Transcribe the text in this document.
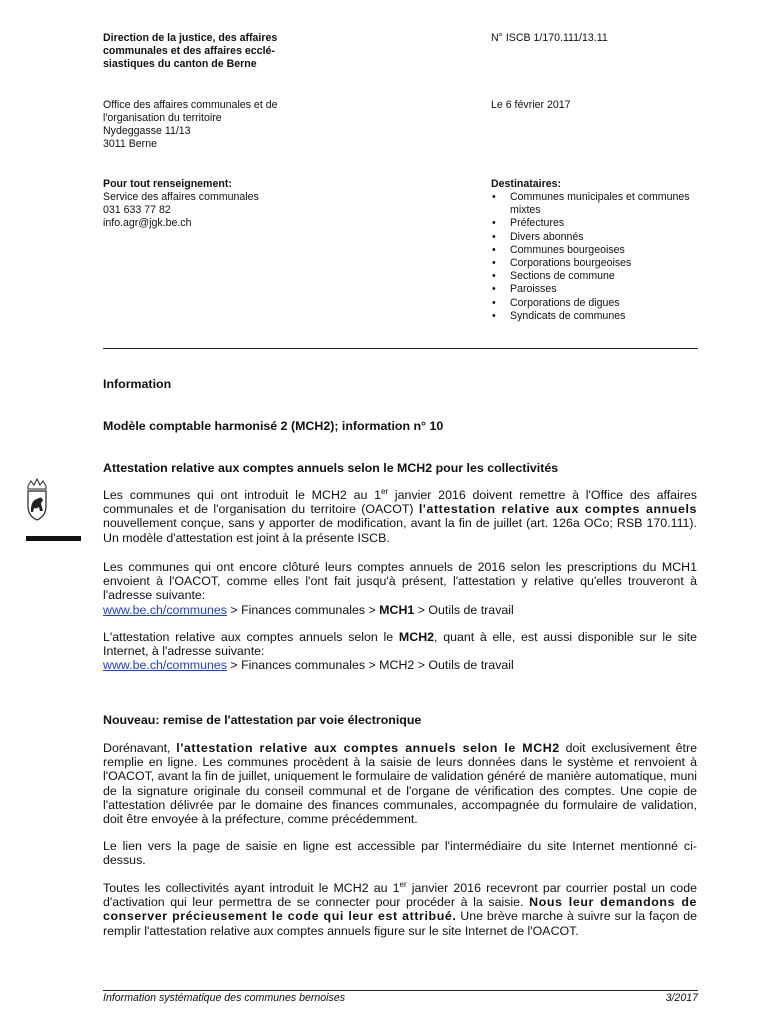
Direction de la justice, des affaires
communales et des affaires ecclé-
siastiques du canton de Berne
N° ISCB 1/170.111/13.11
Office des affaires communales et de
l'organisation du territoire
Nydeggasse 11/13
3011 Berne
Le 6 février 2017
Pour tout renseignement:
Service des affaires communales
031 633 77 82
info.agr@jgk.be.ch
Destinataires:
• Communes municipales et communes
mixtes
• Préfectures
• Divers abonnés
• Communes bourgeoises
• Corporations bourgeoises
• Sections de commune
• Paroisses
• Corporations de digues
• Syndicats de communes
Information
Modèle comptable harmonisé 2 (MCH2); information n° 10
Attestation relative aux comptes annuels selon le MCH2 pour les collectivités

Les communes qui ont introduit le MCH2 au 1er janvier 2016 doivent remettre à l'Office des affaires communales et de l'organisation du territoire (OACOT) l'attestation relative aux comptes annuels nouvellement conçue, sans y apporter de modification, avant la fin de juillet (art. 126a OCo; RSB 170.111). Un modèle d'attestation est joint à la présente ISCB.

Les communes qui ont encore clôturé leurs comptes annuels de 2016 selon les prescriptions du MCH1 envoient à l'OACOT, comme elles l'ont fait jusqu'à présent, l'attestation y relative qu'elles trouveront à l'adresse suivante:

www.be.ch/communes > Finances communales > MCH1 > Outils de travail

L'attestation relative aux comptes annuels selon le MCH2, quant à elle, est aussi disponible sur le site Internet, à l'adresse suivante:

www.be.ch/communes > Finances communales > MCH2 > Outils de travail

Nouveau: remise de l'attestation par voie électronique

Dorénavant, l'attestation relative aux comptes annuels selon le MCH2 doit exclusivement être remplie en ligne. Les communes procèdent à la saisie de leurs données dans le système et renvoient à l'OACOT, avant la fin de juillet, uniquement le formulaire de validation généré de manière automatique, muni de la signature originale du conseil communal et de l'organe de vérification des comptes. Une copie de l'attestation délivrée par le domaine des finances communales, accompagnée du formulaire de validation, doit être envoyée à la préfecture, comme précédemment.

Le lien vers la page de saisie en ligne est accessible par l'intermédiaire du site Internet mentionné ci-dessus.

Toutes les collectivités ayant introduit le MCH2 au 1er janvier 2016 recevront par courrier postal un code d'activation qui leur permettra de se connecter pour procéder à la saisie. Nous leur demandons de conserver précieusement le code qui leur est attribué. Une brève marche à suivre sur la façon de remplir l'attestation relative aux comptes annuels figure sur le site Internet de l'OACOT.

Information systématique des communes bernoises	3/2017
